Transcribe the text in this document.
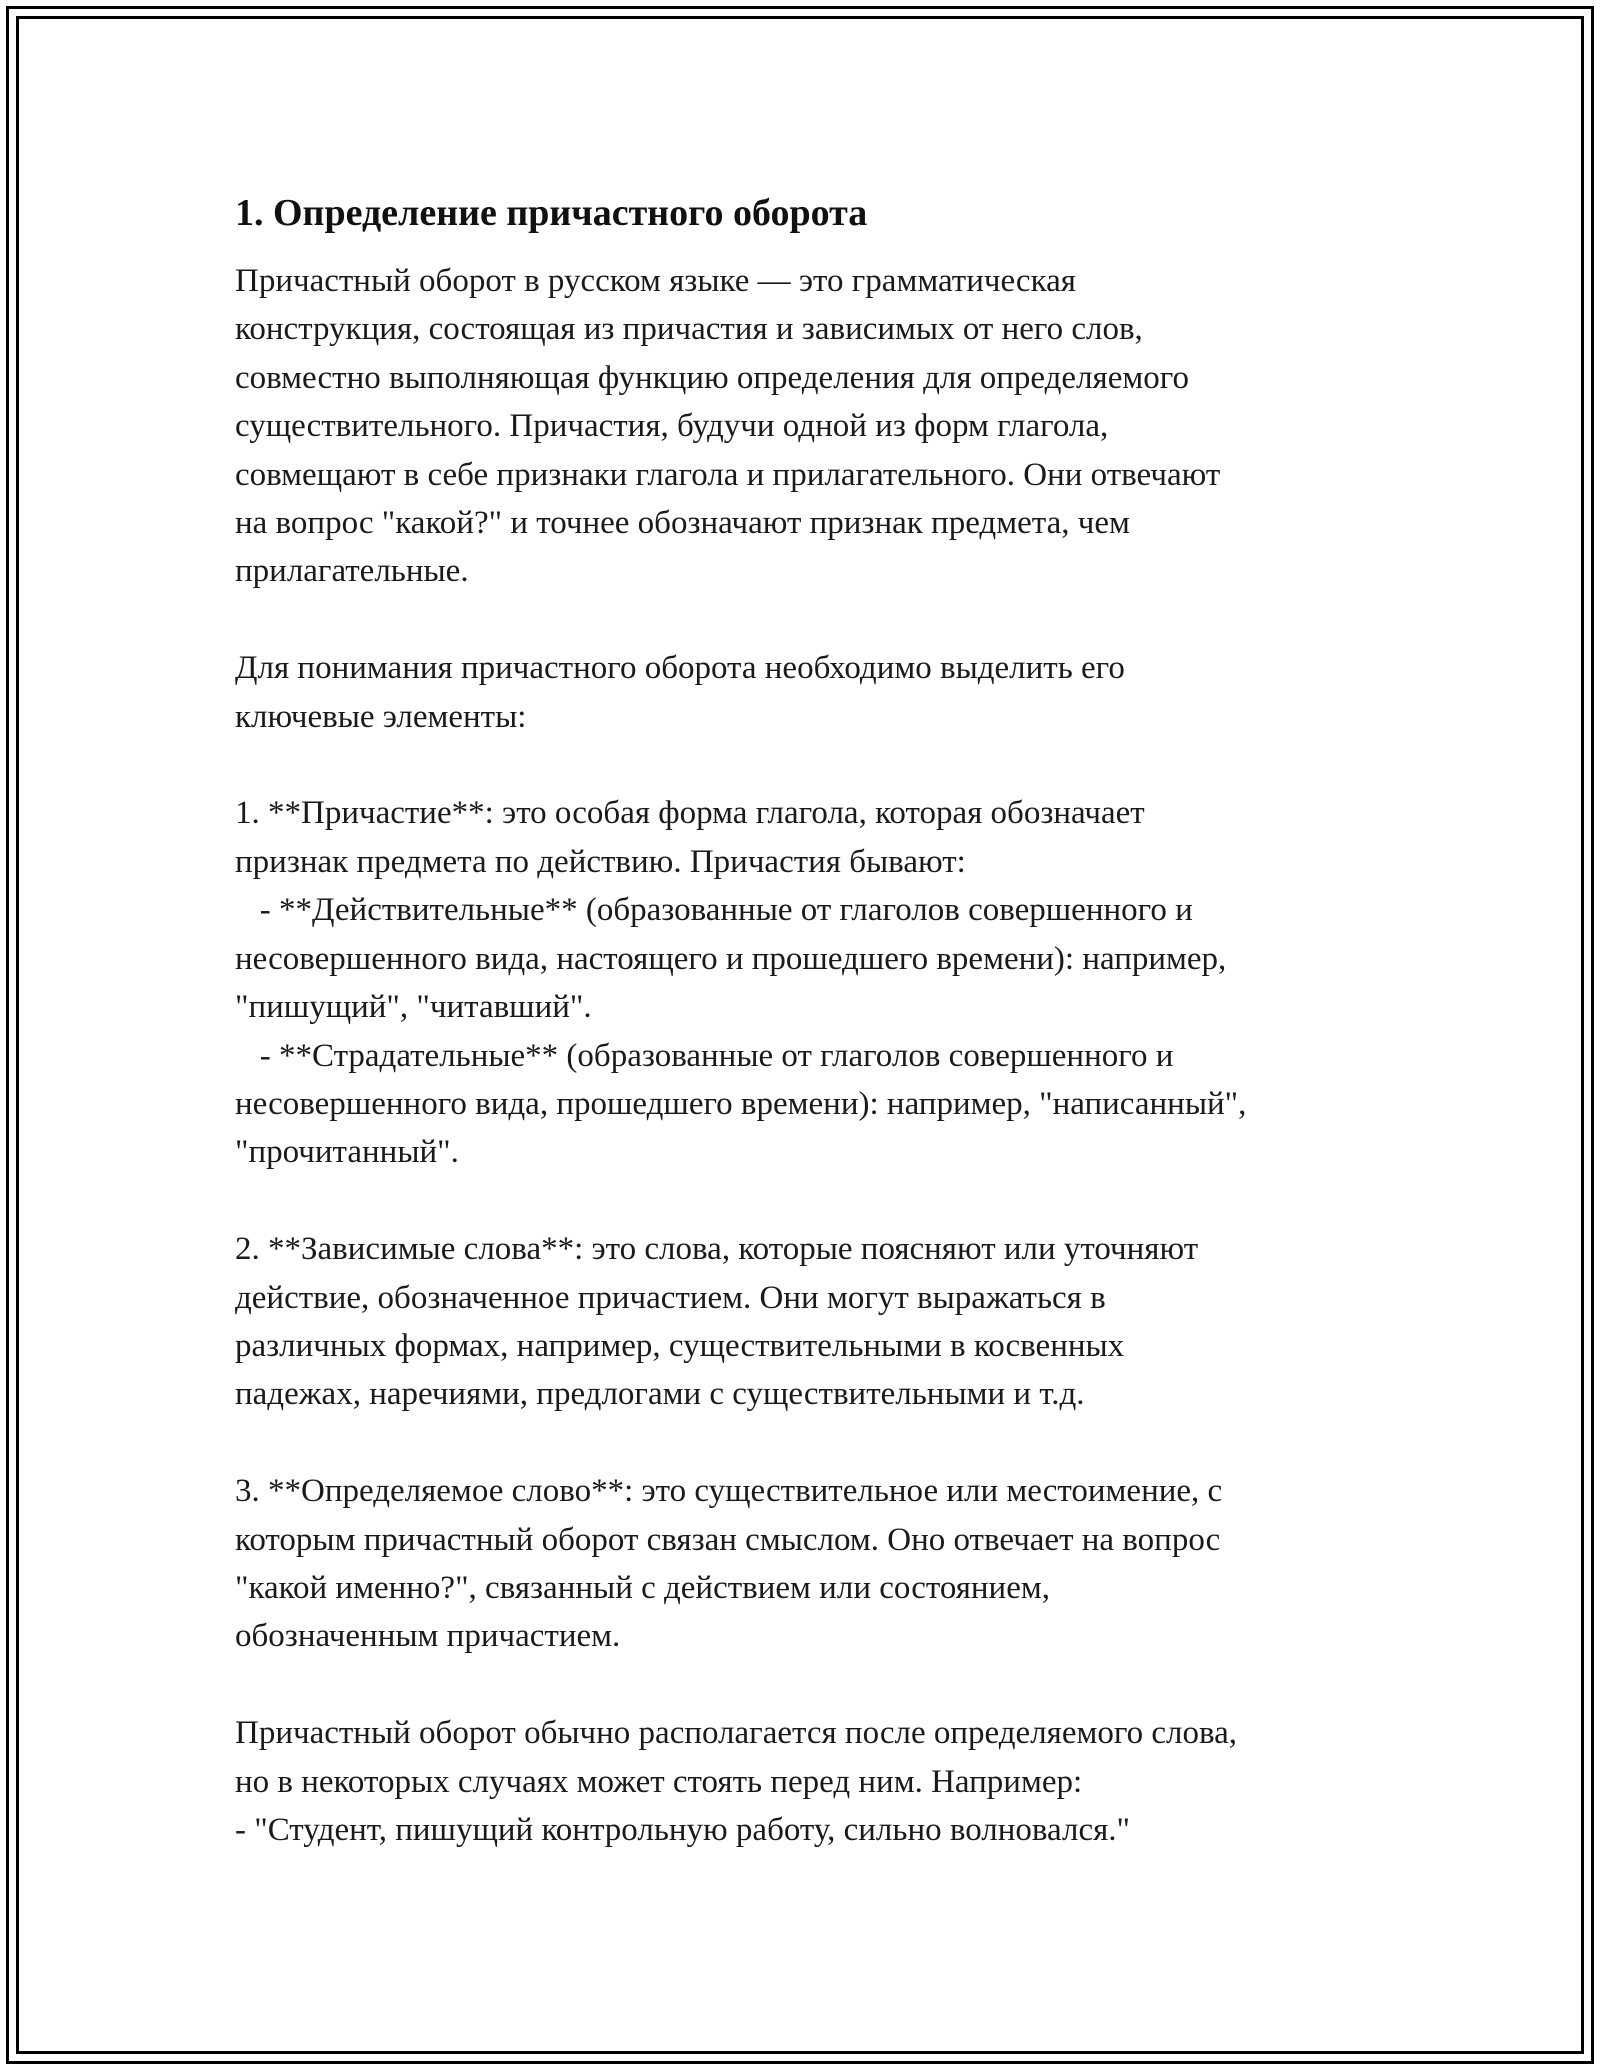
1. Определение причастного оборота

Причастный оборот в русском языке — это грамматическая
конструкция, состоящая из причастия и зависимых от него слов,
совместно выполняющая функцию определения для определяемого
существительного. Причастия, будучи одной из форм глагола,
совмещают в себе признаки глагола и прилагательного. Они отвечают
на вопрос "какой?" и точнее обозначают признак предмета, чем
прилагательные.

Для понимания причастного оборота необходимо выделить его
ключевые элементы:

1. **Причастие**: это особая форма глагола, которая обозначает
признак предмета по действию. Причастия бывают:
- **Действительные** (образованные от глаголов совершенного и
несовершенного вида, настоящего и прошедшего времени): например,
"пишущий", "читавший".
- **Страдательные** (образованные от глаголов совершенного и
несовершенного вида, прошедшего времени): например, "написанный",
"прочитанный".

2. **Зависимые слова**: это слова, которые поясняют или уточняют
действие, обозначенное причастием. Они могут выражаться в
различных формах, например, существительными в косвенных
падежах, наречиями, предлогами с существительными и т.д.

3. **Определяемое слово**: это существительное или местоимение, с
которым причастный оборот связан смыслом. Оно отвечает на вопрос
"какой именно?", связанный с действием или состоянием,
обозначенным причастием.

Причастный оборот обычно располагается после определяемого слова,
но в некоторых случаях может стоять перед ним. Например:
- "Студент, пишущий контрольную работу, сильно волновался."
